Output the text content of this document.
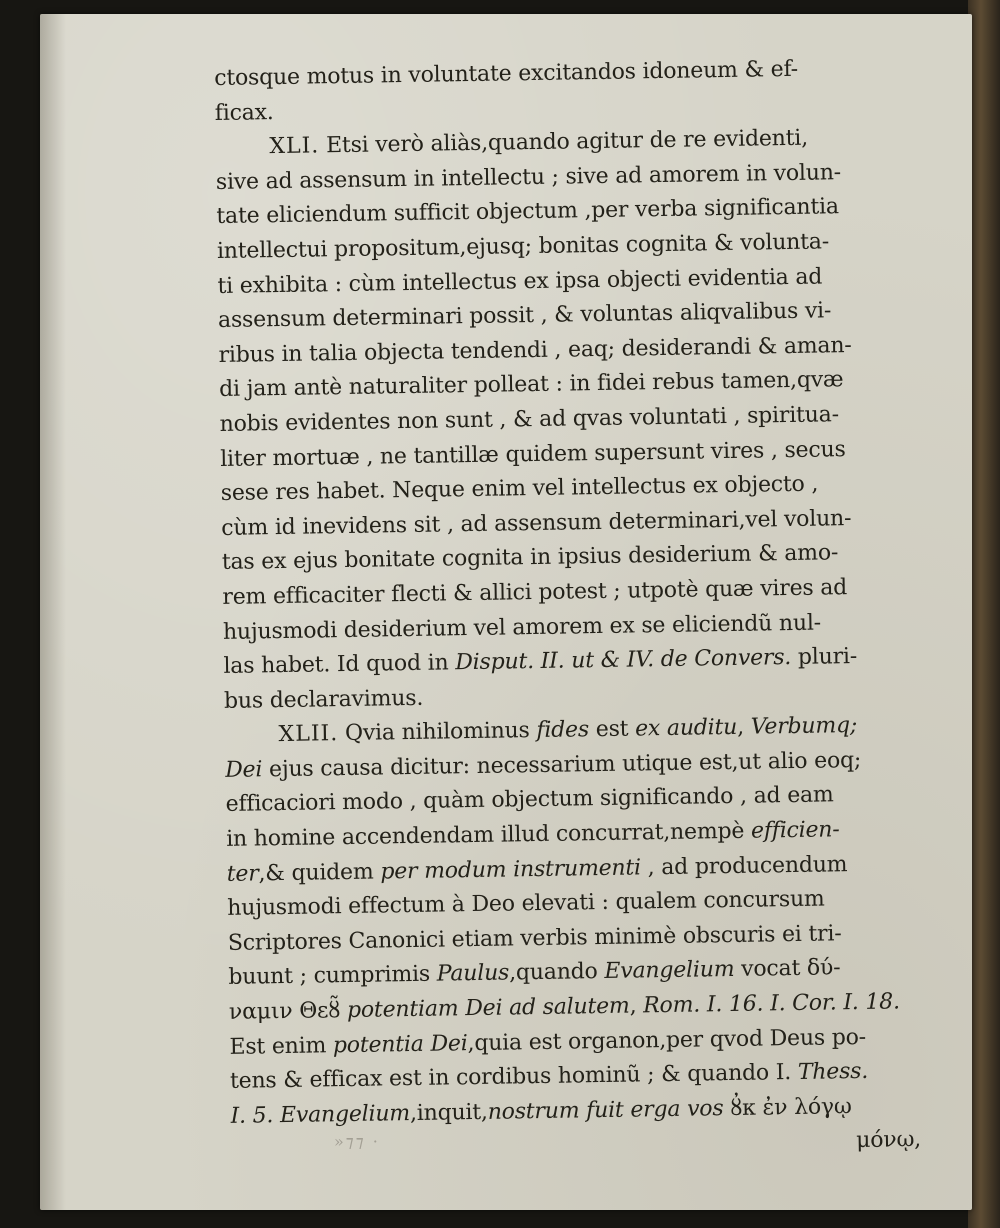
ctosque motus in voluntate excitandos idoneum & ef-
ficax.
XLI. Etsi verò aliàs,quando agitur de re evidenti,
sive ad assensum in intellectu ; sive ad amorem in volun-
tate eliciendum sufficit objectum ,per verba significantia
intellectui propositum,ejusq; bonitas cognita & volunta-
ti exhibita : cùm intellectus ex ipsa objecti evidentia ad
assensum determinari possit , & voluntas aliqvalibus vi-
ribus in talia objecta tendendi , eaq; desiderandi & aman-
di jam antè naturaliter polleat : in fidei rebus tamen,qvæ
nobis evidentes non sunt , & ad qvas voluntati , spiritua-
liter mortuæ , ne tantillæ quidem supersunt vires , secus
sese res habet. Neque enim vel intellectus ex objecto ,
cùm id inevidens sit , ad assensum determinari,vel volun-
tas ex ejus bonitate cognita in ipsius desiderium & amo-
rem efficaciter flecti & allici potest ; utpotè quæ vires ad
hujusmodi desiderium vel amorem ex se eliciendũ nul-
las habet. Id quod in Disput. II. ut & IV. de Convers. pluri-
bus declaravimus.
XLII. Qvia nihilominus fides est ex auditu, Verbumq;
Dei ejus causa dicitur: necessarium utique est,ut alio eoq;
efficaciori modo , quàm objectum significando , ad eam
in homine accendendam illud concurrat,nempè efficien-
ter,& quidem per modum instrumenti , ad producendum
hujusmodi effectum à Deo elevati : qualem concursum
Scriptores Canonici etiam verbis minimè obscuris ei tri-
buunt ; cumprimis Paulus,quando Evangelium vocat δύ-
ναμιν Θεȣ̃ potentiam Dei ad salutem, Rom. I. 16. I. Cor. I. 18.
Est enim potentia Dei,quia est organon,per qvod Deus po-
tens & efficax est in cordibus hominũ ; & quando I. Thess.
I. 5. Evangelium,inquit,nostrum fuit erga vos ȣ̓κ ἐν λόγῳ
μόνῳ,
»⁊⁊ ·
